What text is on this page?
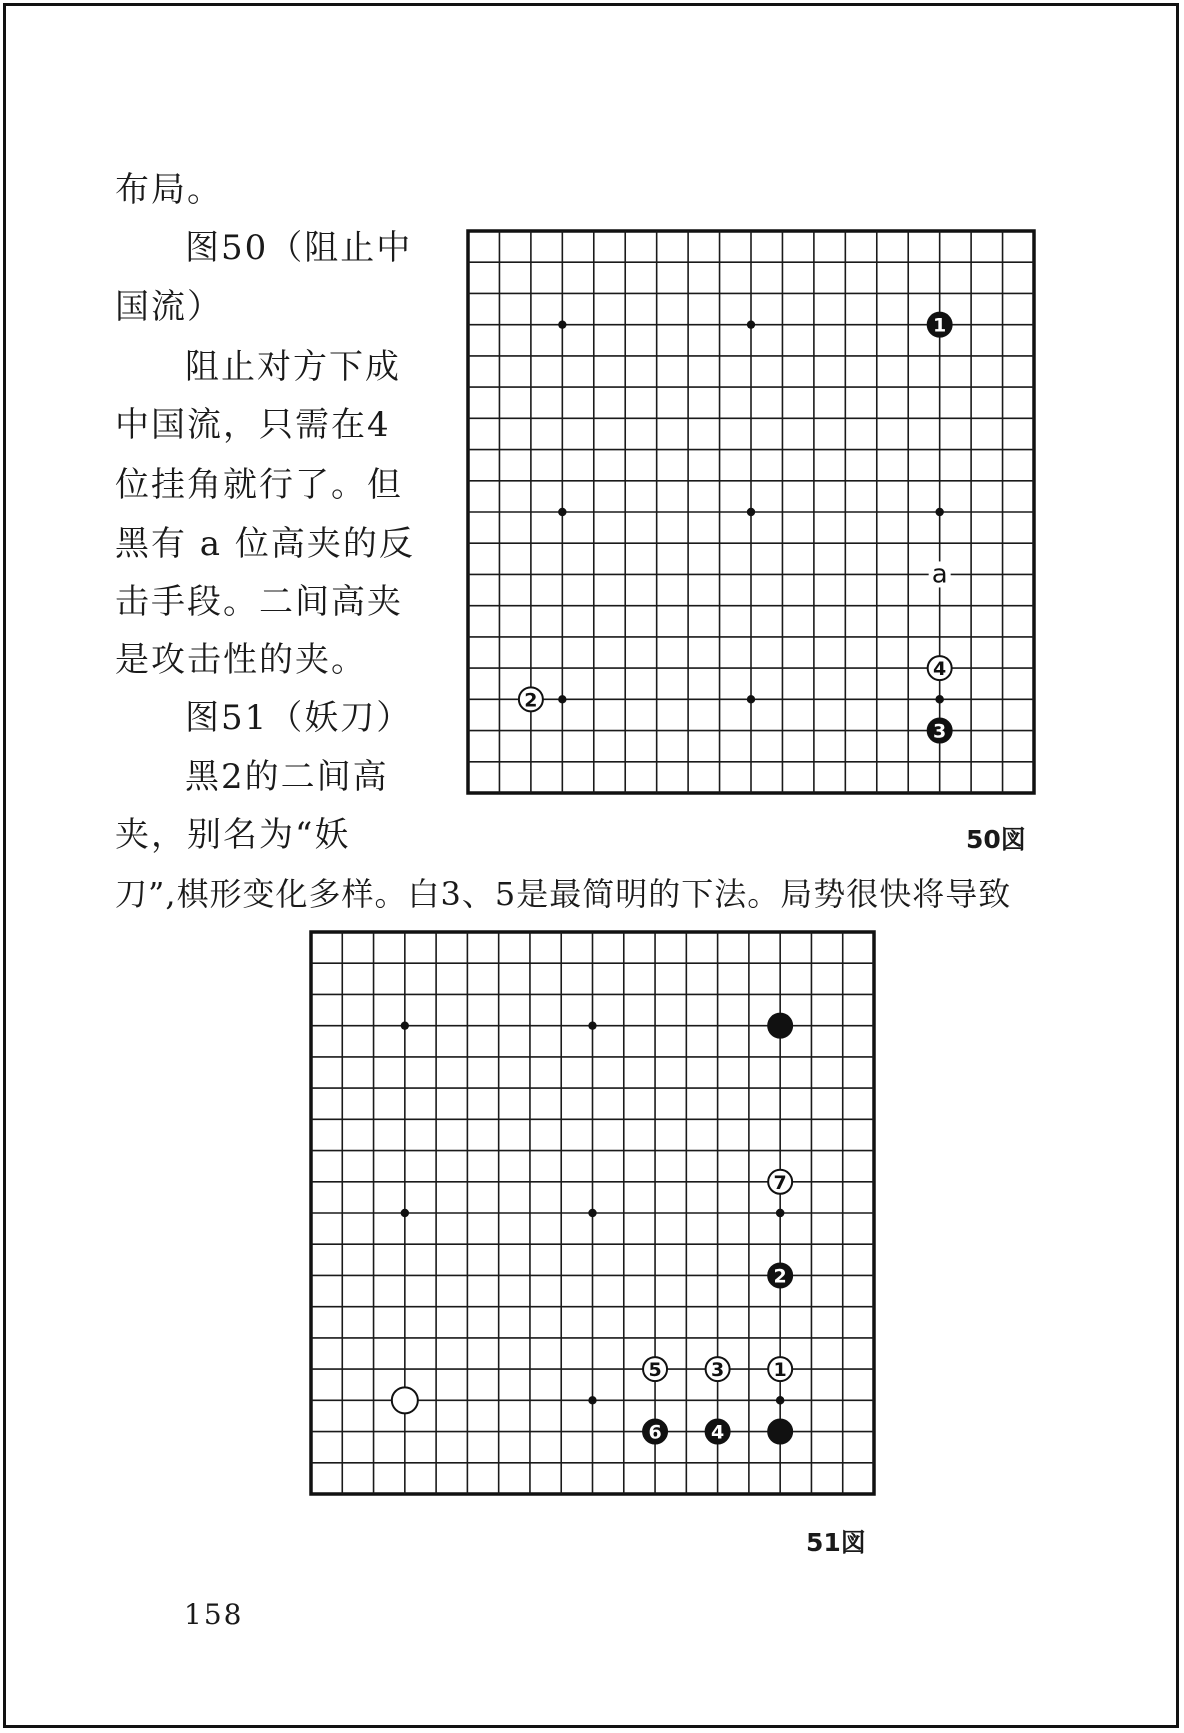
布局。
图50（阻止中
国流）
阻止对方下成
中国流，只需在4
位挂角就行了。但
黑有 a 位高夹的反
击手段。二间高夹
是攻击性的夹。
图51（妖刀）
黑2的二间高
夹，别名为“妖
刀”,棋形变化多样。白3、5是最简明的下法。局势很快将导致
a
1
2
3
4
50図
1
2
3
4
5
6
7
51図
158
